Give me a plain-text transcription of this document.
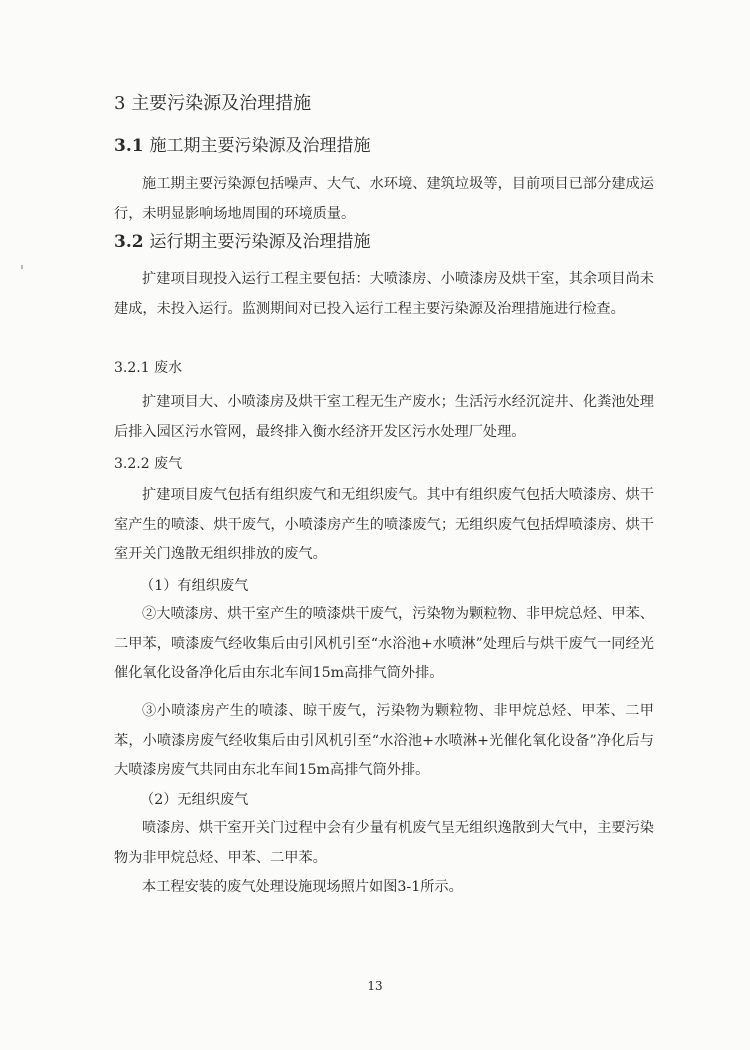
3 主要污染源及治理措施
3.1 施工期主要污染源及治理措施

施工期主要污染源包括噪声、大气、水环境、建筑垃圾等，目前项目已部分建成运行，未明显影响场地周围的环境质量。

3.2 运行期主要污染源及治理措施

扩建项目现投入运行工程主要包括：大喷漆房、小喷漆房及烘干室，其余项目尚未建成，未投入运行。监测期间对已投入运行工程主要污染源及治理措施进行检查。

3.2.1 废水

扩建项目大、小喷漆房及烘干室工程无生产废水；生活污水经沉淀井、化粪池处理后排入园区污水管网，最终排入衡水经济开发区污水处理厂处理。

3.2.2 废气

扩建项目废气包括有组织废气和无组织废气。其中有组织废气包括大喷漆房、烘干室产生的喷漆、烘干废气，小喷漆房产生的喷漆废气；无组织废气包括焊喷漆房、烘干室开关门逸散无组织排放的废气。

（1）有组织废气

②大喷漆房、烘干室产生的喷漆烘干废气，污染物为颗粒物、非甲烷总烃、甲苯、二甲苯，喷漆废气经收集后由引风机引至“水浴池+水喷淋”处理后与烘干废气一同经光催化氧化设备净化后由东北车间15m高排气筒外排。

③小喷漆房产生的喷漆、晾干废气，污染物为颗粒物、非甲烷总烃、甲苯、二甲苯，小喷漆房废气经收集后由引风机引至“水浴池+水喷淋+光催化氧化设备”净化后与大喷漆房废气共同由东北车间15m高排气筒外排。

（2）无组织废气

喷漆房、烘干室开关门过程中会有少量有机废气呈无组织逸散到大气中，主要污染物为非甲烷总烃、甲苯、二甲苯。

本工程安装的废气处理设施现场照片如图3-1所示。

13
